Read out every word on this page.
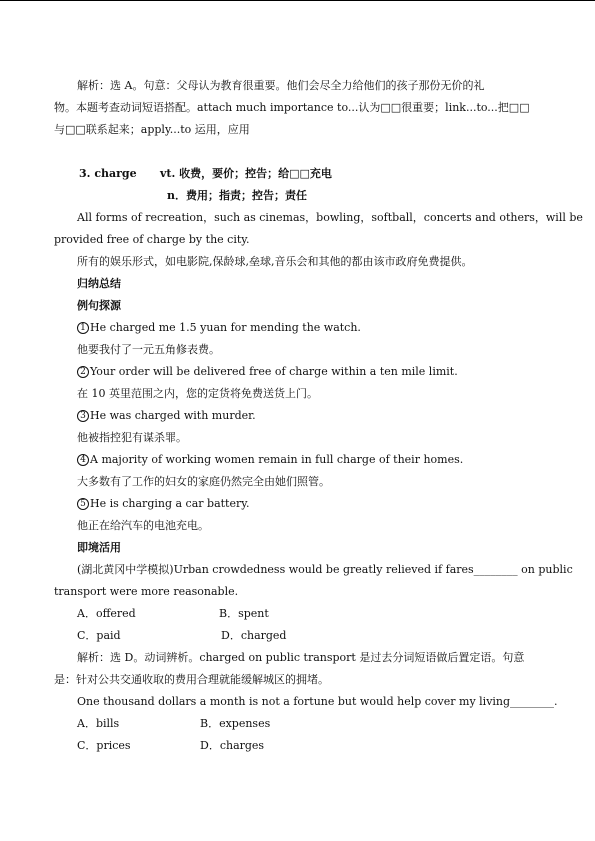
解析：选 A。句意：父母认为教育很重要。他们会尽全力给他们的孩子那份无价的礼
物。本题考查动词短语搭配。attach much importance to...认为□□很重要；link...to...把□□
与□□联系起来；apply...to 运用，应用
3. charge vt. 收费，要价；控告；给□□充电
n．费用；指责；控告；责任
All forms of recreation，such as cinemas，bowling，softball，concerts and others，will be
provided free of charge by the city.
所有的娱乐形式，如电影院,保龄球,垒球,音乐会和其他的都由该市政府免费提供。
归纳总结
例句探源
1 He charged me 1.5 yuan for mending the watch.
他要我付了一元五角修表费。
2 Your order will be delivered free of charge within a ten mile limit.
在 10 英里范围之内，您的定货将免费送货上门。
3 He was charged with murder.
他被指控犯有谋杀罪。
4 A majority of working women remain in full charge of their homes.
大多数有了工作的妇女的家庭仍然完全由她们照管。
5 He is charging a car battery.
他正在给汽车的电池充电。
即境活用
(湖北黄冈中学模拟)Urban crowdedness would be greatly relieved if fares________ on public
transport were more reasonable.
A．offered	B．spent
C．paid	D．charged
解析：选 D。动词辨析。charged on public transport 是过去分词短语做后置定语。句意
是：针对公共交通收取的费用合理就能缓解城区的拥堵。
One thousand dollars a month is not a fortune but would help cover my living________.
A．bills	B．expenses
C．prices	D．charges
